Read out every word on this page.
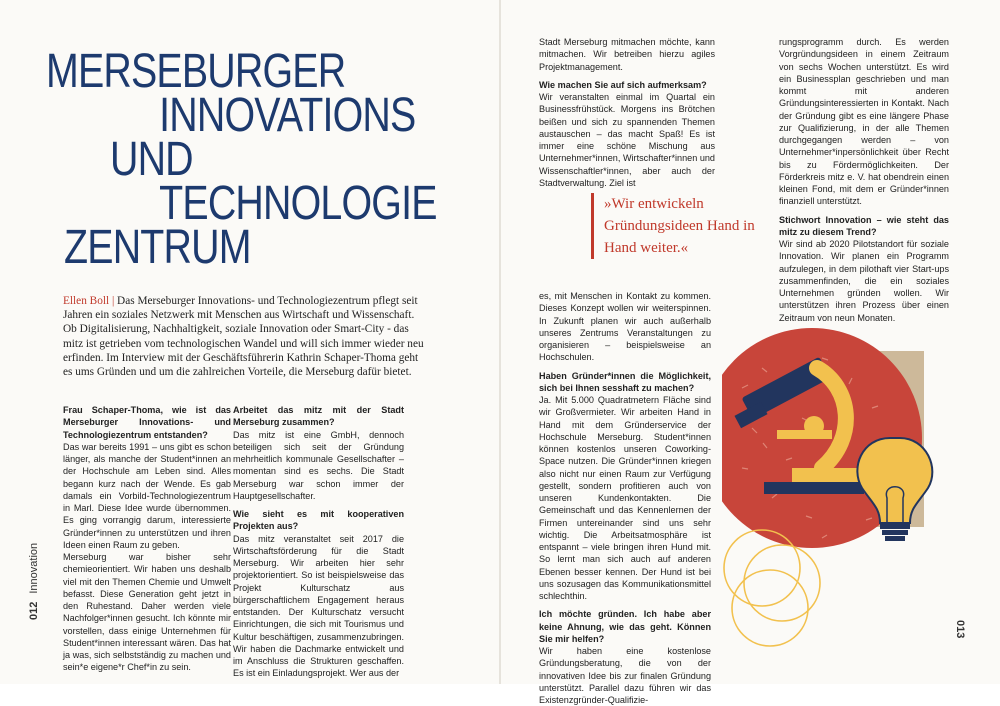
MERSEBURGER
INNOVATIONS
UND
TECHNOLOGIE
ZENTRUM

Ellen Boll | Das Merseburger Innovations- und Technologiezentrum pflegt seit Jahren ein soziales Netzwerk mit Menschen aus Wirtschaft und Wissenschaft. Ob Digitalisierung, Nachhaltigkeit, soziale Innovation oder Smart-City - das mitz ist getrieben vom technologischen Wandel und will sich immer wieder neu erfinden. Im Interview mit der Geschäftsführerin Kathrin Schaper-Thoma geht es ums Gründen und um die zahlreichen Vorteile, die Merseburg dafür bietet.

Frau Schaper-Thoma, wie ist das Merseburger Innovations- und Technologiezentrum entstanden?

Das war bereits 1991 – uns gibt es schon länger, als manche der Student*innen an der Hochschule am Leben sind. Alles begann kurz nach der Wende. Es gab damals ein Vorbild-Technologiezentrum in Marl. Diese Idee wurde übernommen. Es ging vorrangig darum, interessierte Gründer*innen zu unterstützen und ihren Ideen einen Raum zu geben.

Merseburg war bisher sehr chemieorientiert. Wir haben uns deshalb viel mit den Themen Chemie und Umwelt befasst. Diese Generation geht jetzt in den Ruhestand. Daher werden viele Nachfolger*innen gesucht. Ich könnte mir vorstellen, dass einige Unternehmen für Student*innen interessant wären. Das hat ja was, sich selbstständig zu machen und sein*e eigene*r Chef*in zu sein.

Arbeitet das mitz mit der Stadt Merseburg zusammen?

Das mitz ist eine GmbH, dennoch beteiligen sich seit der Gründung mehrheitlich kommunale Gesellschafter – momentan sind es sechs. Die Stadt Merseburg war schon immer der Hauptgesellschafter.

Wie sieht es mit kooperativen Projekten aus?

Das mitz veranstaltet seit 2017 die Wirtschaftsförderung für die Stadt Merseburg. Wir arbeiten hier sehr projektorientiert. So ist beispielsweise das Projekt Kulturschatz aus bürgerschaftlichem Engagement heraus entstanden. Der Kulturschatz versucht Einrichtungen, die sich mit Tourismus und Kultur beschäftigen, zusammenzubringen. Wir haben die Dachmarke entwickelt und im Anschluss die Strukturen geschaffen. Es ist ein Einladungsprojekt. Wer aus der

012Innovation

Stadt Merseburg mitmachen möchte, kann mitmachen. Wir betreiben hierzu agiles Projektmanagement.

Wie machen Sie auf sich aufmerksam?

Wir veranstalten einmal im Quartal ein Businessfrühstück. Morgens ins Brötchen beißen und sich zu spannenden Themen austauschen – das macht Spaß! Es ist immer eine schöne Mischung aus Unternehmer*innen, Wirtschafter*innen und Wissenschaftler*innen, aber auch der Stadtverwaltung. Ziel ist

rungsprogramm durch. Es werden Vorgründungsideen in einem Zeitraum von sechs Wochen unterstützt. Es wird ein Businessplan geschrieben und man kommt mit anderen Gründungsinteressierten in Kontakt. Nach der Gründung gibt es eine längere Phase zur Qualifizierung, in der alle Themen durchgegangen werden – von Unternehmer*inpersönlichkeit über Recht bis zu Fördermöglichkeiten. Der Förderkreis mitz e. V. hat obendrein einen kleinen Fond, mit dem er Gründer*innen finanziell unterstützt.

Stichwort Innovation – wie steht das mitz zu diesem Trend?

Wir sind ab 2020 Pilotstandort für soziale Innovation. Wir planen ein Programm aufzulegen, in dem pilothaft vier Start-ups zusammenfinden, die ein soziales Unternehmen gründen wollen. Wir unterstützen ihren Prozess über einen Zeitraum von neun Monaten.

»Wir entwickeln Gründungsideen Hand in Hand weiter.«

es, mit Menschen in Kontakt zu kommen. Dieses Konzept wollen wir weiterspinnen. In Zukunft planen wir auch außerhalb unseres Zentrums Veranstaltungen zu organisieren – beispielsweise an Hochschulen.

Haben Gründer*innen die Möglichkeit, sich bei Ihnen sesshaft zu machen?

Ja. Mit 5.000 Quadratmetern Fläche sind wir Großvermieter. Wir arbeiten Hand in Hand mit dem Gründerservice der Hochschule Merseburg. Student*innen können kostenlos unseren Coworking-Space nutzen. Die Gründer*innen kriegen also nicht nur einen Raum zur Verfügung gestellt, sondern profitieren auch von unseren Kundenkontakten. Die Gemeinschaft und das Kennenlernen der Firmen untereinander sind uns sehr wichtig. Die Arbeitsatmosphäre ist entspannt – viele bringen ihren Hund mit. So lernt man sich auch auf anderen Ebenen besser kennen. Der Hund ist bei uns sozusagen das Kommunikationsmittel schlechthin.

Ich möchte gründen. Ich habe aber keine Ahnung, wie das geht. Können Sie mir helfen?

Wir haben eine kostenlose Gründungsberatung, die von der innovativen Idee bis zur finalen Gründung unterstützt. Parallel dazu führen wir das Existenzgründer-Qualifizie-

013
